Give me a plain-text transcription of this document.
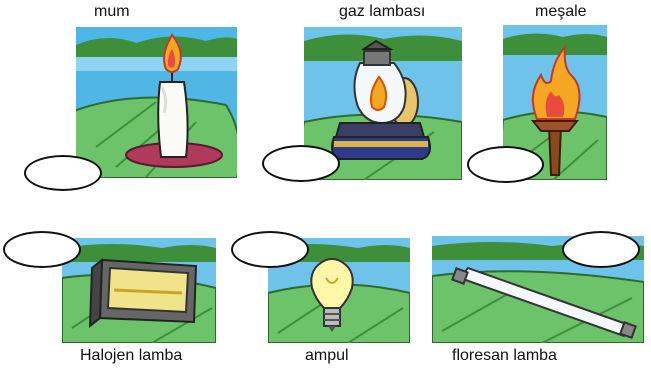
mum	gaz lambası	meşale
Halojen lamba	ampul	floresan lamba
